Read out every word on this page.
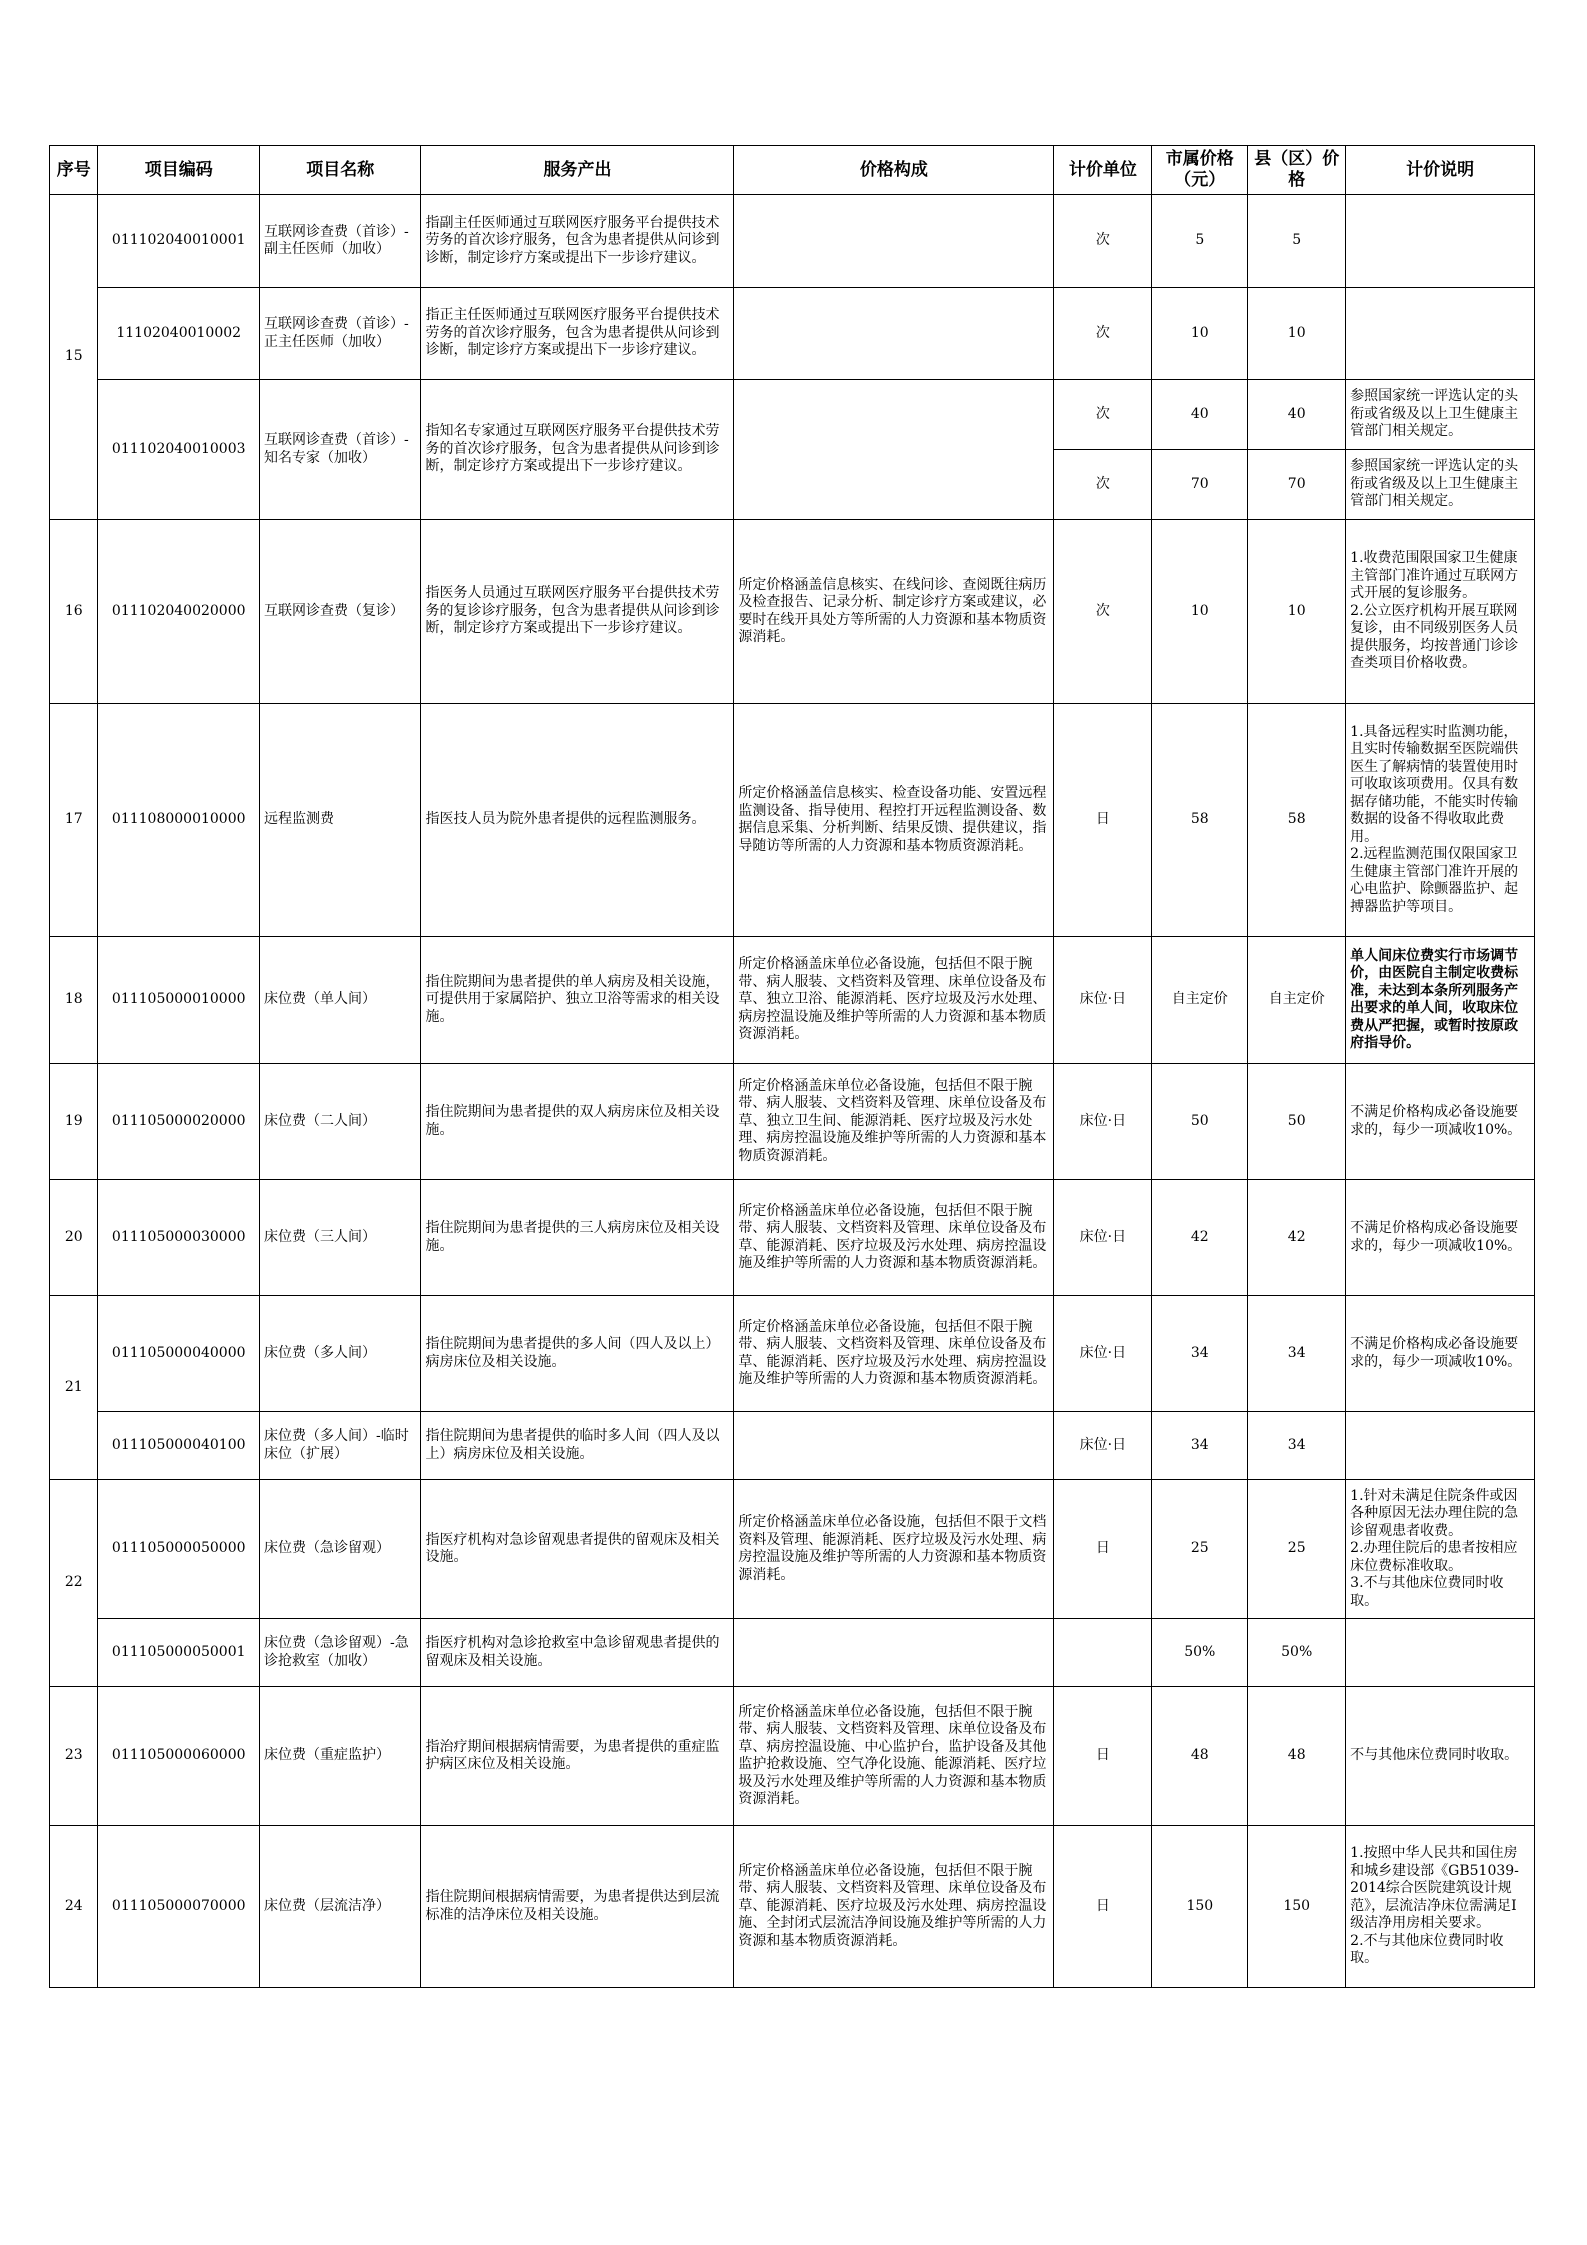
序号	项目编码	项目名称	服务产出	价格构成	计价单位	市属价格（元）	县（区）价格	计价说明
15	011102040010001	互联网诊查费（首诊）-副主任医师（加收）	指副主任医师通过互联网医疗服务平台提供技术劳务的首次诊疗服务，包含为患者提供从问诊到诊断，制定诊疗方案或提出下一步诊疗建议。		次	5	5	
	11102040010002	互联网诊查费（首诊）-正主任医师（加收）	指正主任医师通过互联网医疗服务平台提供技术劳务的首次诊疗服务，包含为患者提供从问诊到诊断，制定诊疗方案或提出下一步诊疗建议。		次	10	10	
	011102040010003	互联网诊查费（首诊）-知名专家（加收）	指知名专家通过互联网医疗服务平台提供技术劳务的首次诊疗服务，包含为患者提供从问诊到诊断，制定诊疗方案或提出下一步诊疗建议。		次	40	40	参照国家统一评选认定的头衔或省级及以上卫生健康主管部门相关规定。
					次	70	70	参照国家统一评选认定的头衔或省级及以上卫生健康主管部门相关规定。
16	011102040020000	互联网诊查费（复诊）	指医务人员通过互联网医疗服务平台提供技术劳务的复诊诊疗服务，包含为患者提供从问诊到诊断，制定诊疗方案或提出下一步诊疗建议。	所定价格涵盖信息核实、在线问诊、查阅既往病历及检查报告、记录分析、制定诊疗方案或建议，必要时在线开具处方等所需的人力资源和基本物质资源消耗。	次	10	10	1.收费范围限国家卫生健康主管部门准许通过互联网方式开展的复诊服务。
2.公立医疗机构开展互联网复诊，由不同级别医务人员提供服务，均按普通门诊诊查类项目价格收费。
17	011108000010000	远程监测费	指医技人员为院外患者提供的远程监测服务。	所定价格涵盖信息核实、检查设备功能、安置远程监测设备、指导使用、程控打开远程监测设备、数据信息采集、分析判断、结果反馈、提供建议，指导随访等所需的人力资源和基本物质资源消耗。	日	58	58	1.具备远程实时监测功能，且实时传输数据至医院端供医生了解病情的装置使用时可收取该项费用。仅具有数据存储功能，不能实时传输数据的设备不得收取此费用。
2.远程监测范围仅限国家卫生健康主管部门准许开展的心电监护、除颤器监护、起搏器监护等项目。
18	011105000010000	床位费（单人间）	指住院期间为患者提供的单人病房及相关设施，可提供用于家属陪护、独立卫浴等需求的相关设施。	所定价格涵盖床单位必备设施，包括但不限于腕带、病人服装、文档资料及管理、床单位设备及布草、独立卫浴、能源消耗、医疗垃圾及污水处理、病房控温设施及维护等所需的人力资源和基本物质资源消耗。	床位·日	自主定价	自主定价	单人间床位费实行市场调节价，由医院自主制定收费标准，未达到本条所列服务产出要求的单人间，收取床位费从严把握，或暂时按原政府指导价。
19	011105000020000	床位费（二人间）	指住院期间为患者提供的双人病房床位及相关设施。	所定价格涵盖床单位必备设施，包括但不限于腕带、病人服装、文档资料及管理、床单位设备及布草、独立卫生间、能源消耗、医疗垃圾及污水处理、病房控温设施及维护等所需的人力资源和基本物质资源消耗。	床位·日	50	50	不满足价格构成必备设施要求的，每少一项减收10%。
20	011105000030000	床位费（三人间）	指住院期间为患者提供的三人病房床位及相关设施。	所定价格涵盖床单位必备设施，包括但不限于腕带、病人服装、文档资料及管理、床单位设备及布草、能源消耗、医疗垃圾及污水处理、病房控温设施及维护等所需的人力资源和基本物质资源消耗。	床位·日	42	42	不满足价格构成必备设施要求的，每少一项减收10%。
21	011105000040000	床位费（多人间）	指住院期间为患者提供的多人间（四人及以上）病房床位及相关设施。	所定价格涵盖床单位必备设施，包括但不限于腕带、病人服装、文档资料及管理、床单位设备及布草、能源消耗、医疗垃圾及污水处理、病房控温设施及维护等所需的人力资源和基本物质资源消耗。	床位·日	34	34	不满足价格构成必备设施要求的，每少一项减收10%。
	011105000040100	床位费（多人间）-临时床位（扩展）	指住院期间为患者提供的临时多人间（四人及以上）病房床位及相关设施。		床位·日	34	34	
22	011105000050000	床位费（急诊留观）	指医疗机构对急诊留观患者提供的留观床及相关设施。	所定价格涵盖床单位必备设施，包括但不限于文档资料及管理、能源消耗、医疗垃圾及污水处理、病房控温设施及维护等所需的人力资源和基本物质资源消耗。	日	25	25	1.针对未满足住院条件或因各种原因无法办理住院的急诊留观患者收费。
2.办理住院后的患者按相应床位费标准收取。
3.不与其他床位费同时收取。
	011105000050001	床位费（急诊留观）-急诊抢救室（加收）	指医疗机构对急诊抢救室中急诊留观患者提供的留观床及相关设施。			50%	50%	
23	011105000060000	床位费（重症监护）	指治疗期间根据病情需要，为患者提供的重症监护病区床位及相关设施。	所定价格涵盖床单位必备设施，包括但不限于腕带、病人服装、文档资料及管理、床单位设备及布草、病房控温设施、中心监护台，监护设备及其他监护抢救设施、空气净化设施、能源消耗、医疗垃圾及污水处理及维护等所需的人力资源和基本物质资源消耗。	日	48	48	不与其他床位费同时收取。
24	011105000070000	床位费（层流洁净）	指住院期间根据病情需要，为患者提供达到层流标准的洁净床位及相关设施。	所定价格涵盖床单位必备设施，包括但不限于腕带、病人服装、文档资料及管理、床单位设备及布草、能源消耗、医疗垃圾及污水处理、病房控温设施、全封闭式层流洁净间设施及维护等所需的人力资源和基本物质资源消耗。	日	150	150	1.按照中华人民共和国住房和城乡建设部《GB51039-2014综合医院建筑设计规范》，层流洁净床位需满足Ⅰ级洁净用房相关要求。
2.不与其他床位费同时收取。
